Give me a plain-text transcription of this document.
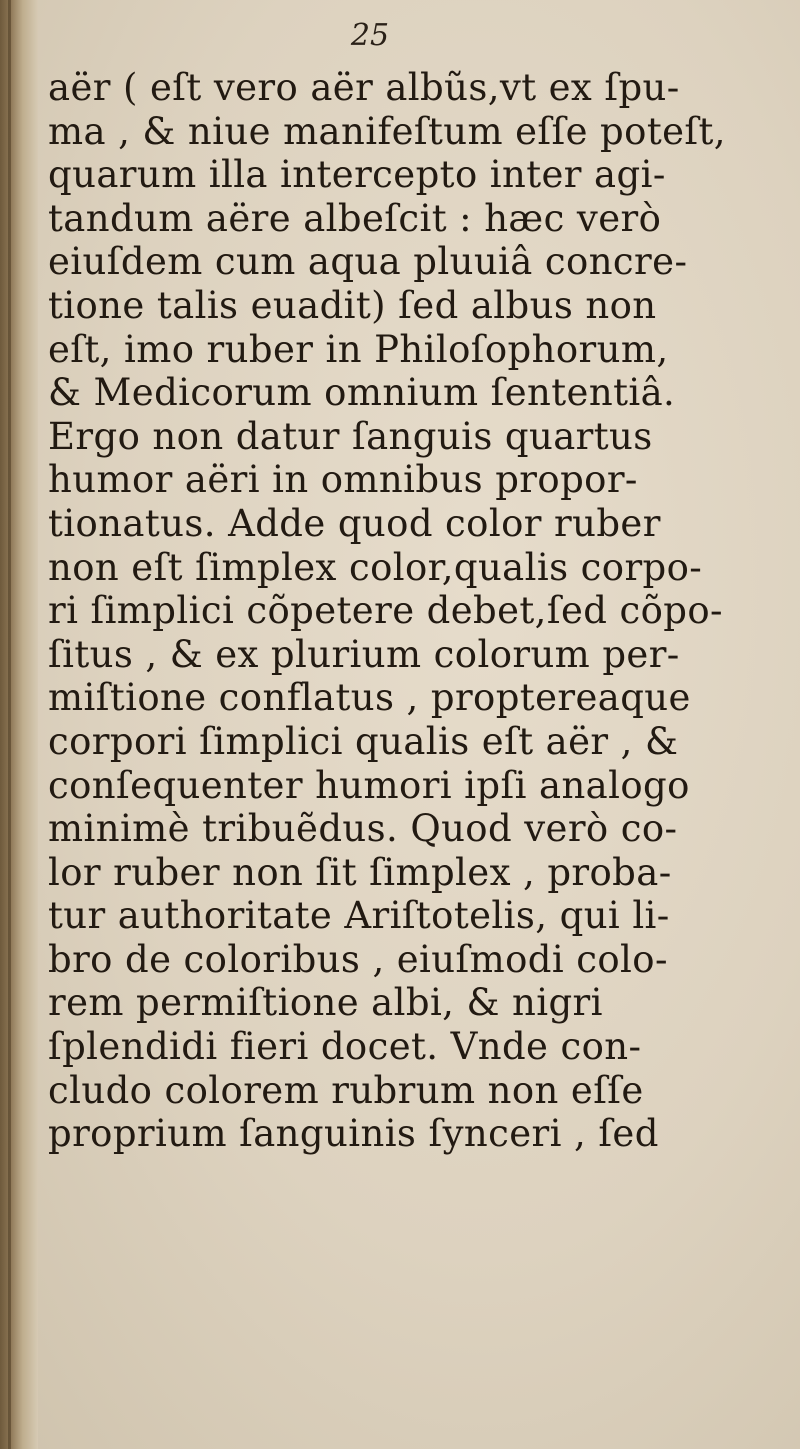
25
aër ( eſt vero aër albũs,vt ex ſpu-
ma , & niue manifeſtum eſſe poteſt,
quarum illa intercepto inter agi-
tandum aëre albeſcit : hæc verò
eiuſdem cum aqua pluuiâ concre-
tione talis euadit) ſed albus non
eſt, imo ruber in Philoſophorum,
& Medicorum omnium ſententiâ.
Ergo non datur ſanguis quartus
humor aëri in omnibus propor-
tionatus. Adde quod color ruber
non eſt ſimplex color,qualis corpo-
ri ſimplici cõpetere debet,ſed cõpo-
ſitus , & ex plurium colorum per-
miſtione conflatus , proptereaque
corpori ſimplici qualis eſt aër , &
conſequenter humori ipſi analogo
minimè tribuẽdus. Quod verò co-
lor ruber non ſit ſimplex , proba-
tur authoritate Ariſtotelis, qui li-
bro de coloribus , eiuſmodi colo-
rem permiſtione albi, & nigri
ſplendidi fieri docet. Vnde con-
cludo colorem rubrum non eſſe
proprium ſanguinis ſynceri , ſed
